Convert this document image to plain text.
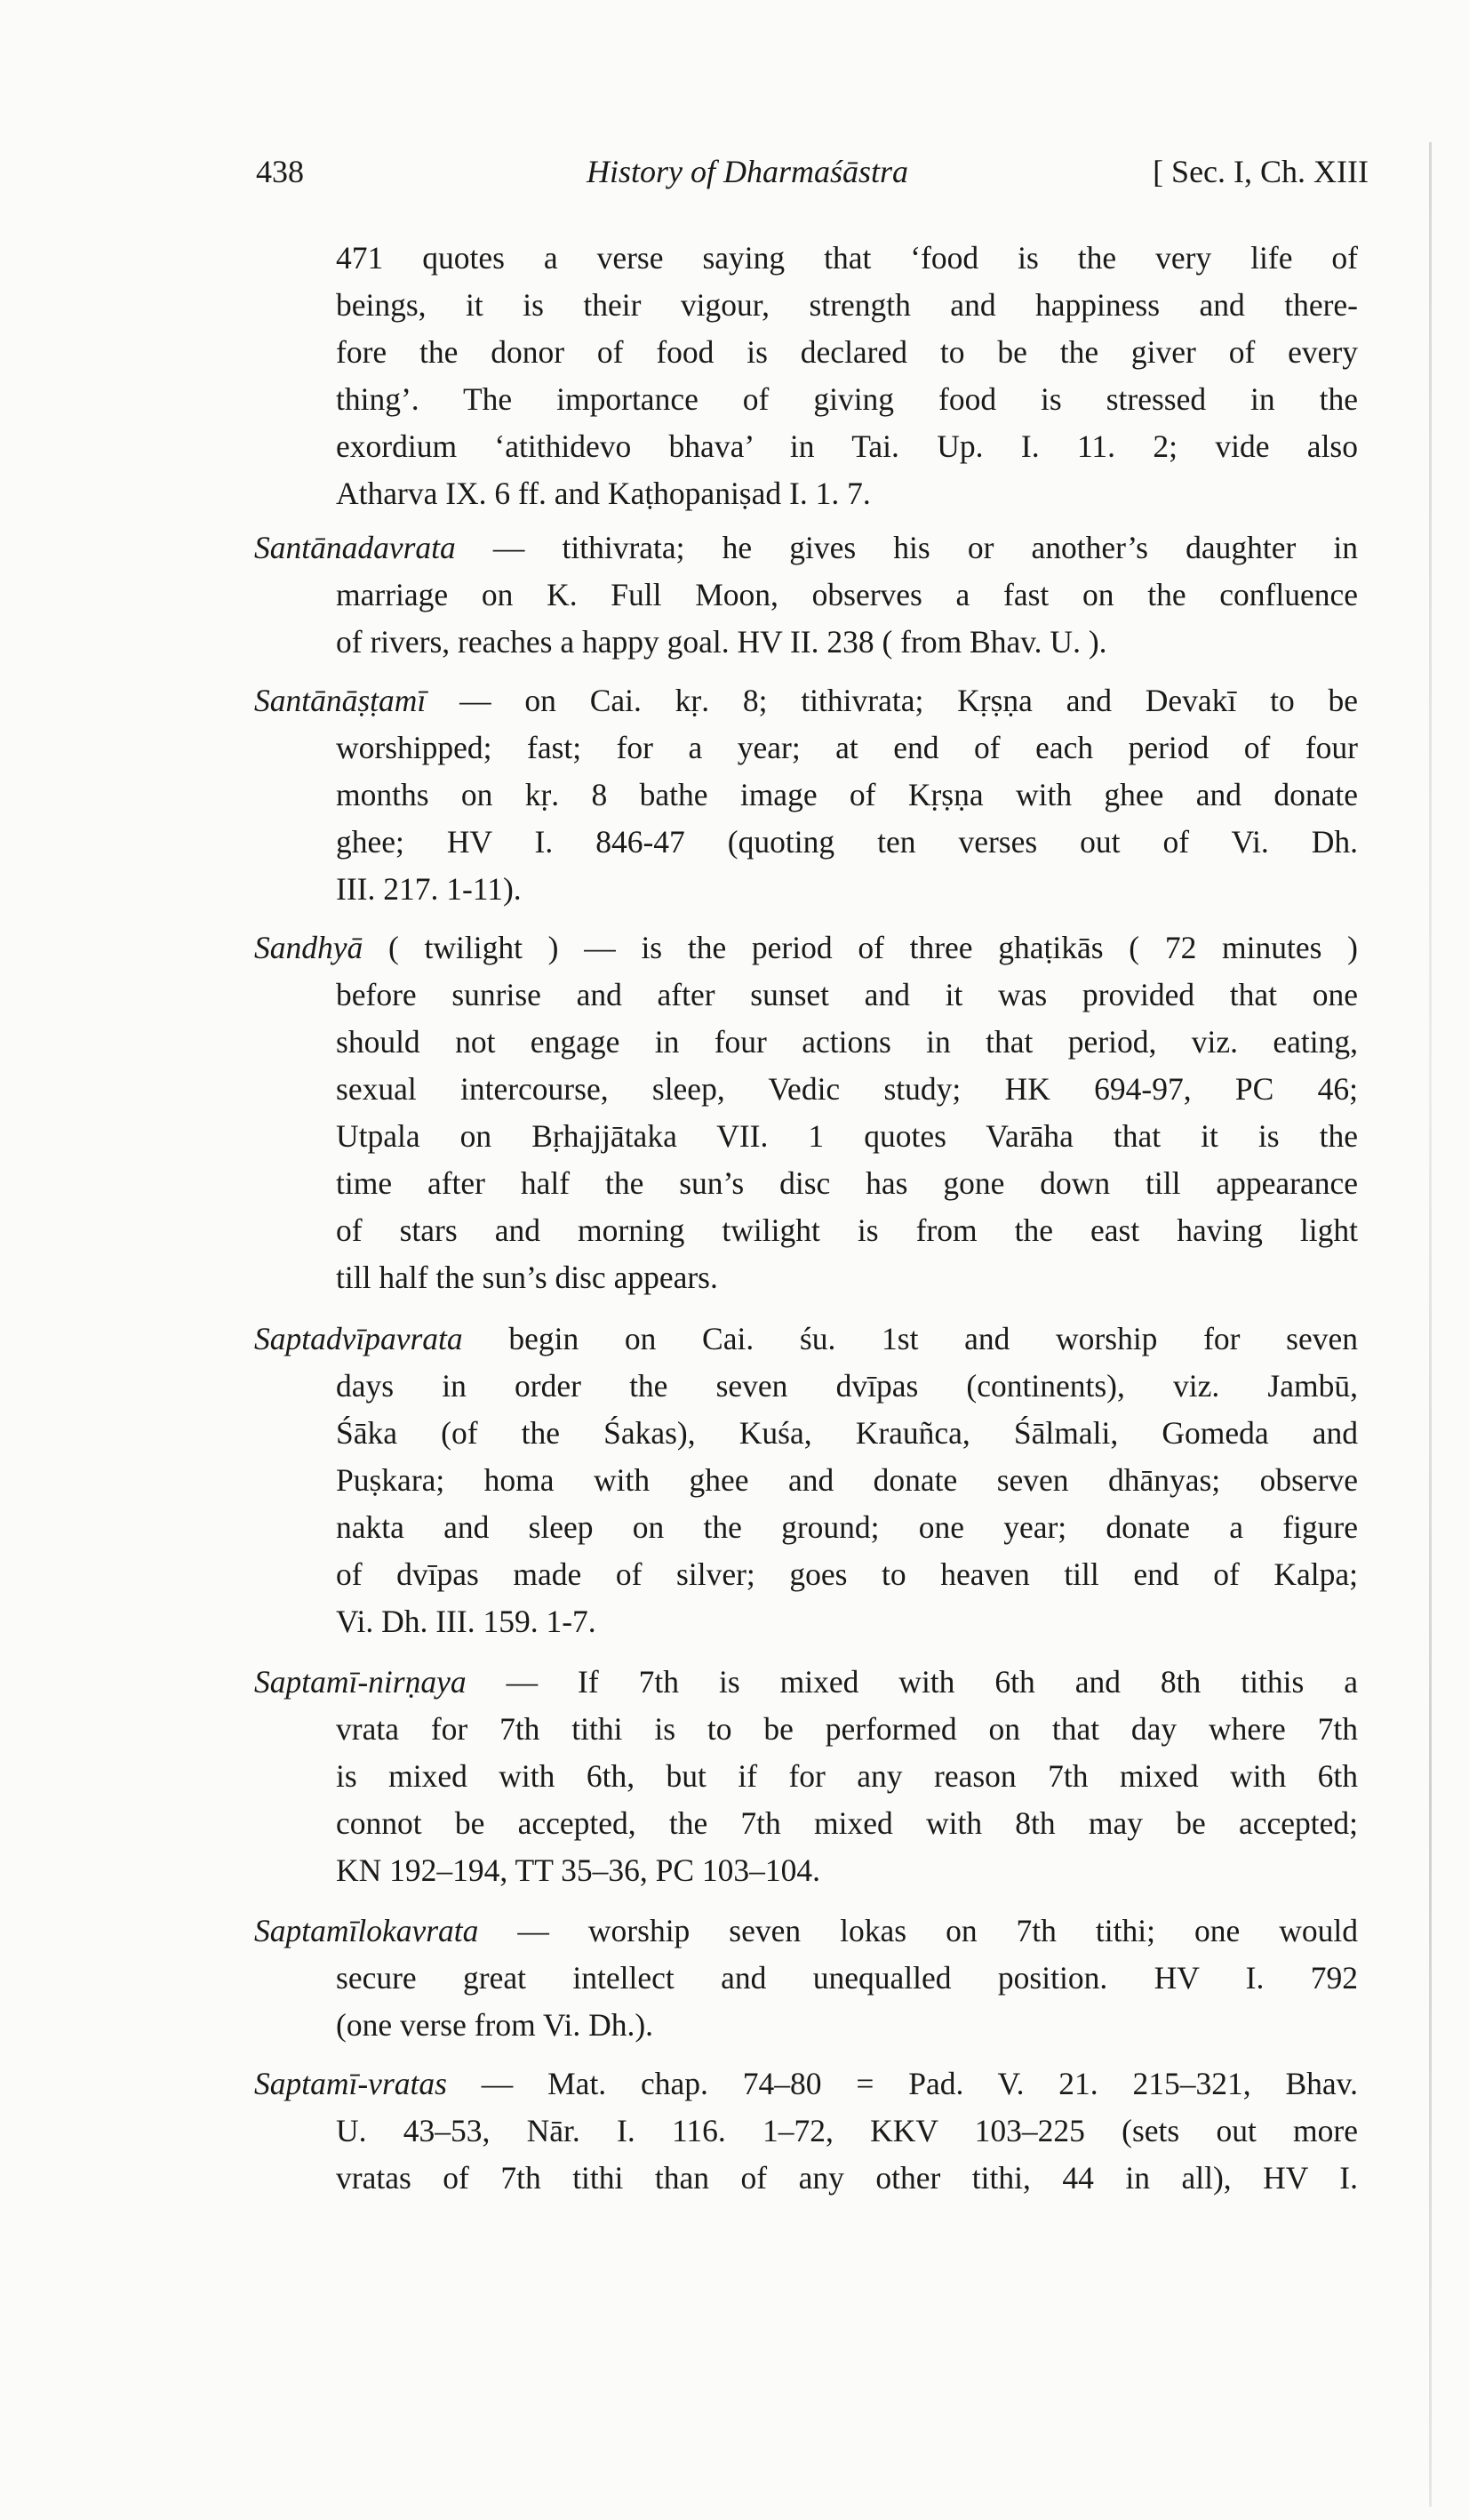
438	History of Dharmaśāstra	[ Sec. I, Ch. XIII
471 quotes a verse saying that ‘food is the very life of
beings, it is their vigour, strength and happiness and there-
fore the donor of food is declared to be the giver of every
thing’. The importance of giving food is stressed in the
exordium ‘atithidevo bhava’ in Tai. Up. I. 11. 2; vide also
Atharva IX. 6 ff. and Kaṭhopaniṣad I. 1. 7.
Santānadavrata — tithivrata; he gives his or another’s daughter in
marriage on K. Full Moon, observes a fast on the confluence
of rivers, reaches a happy goal. HV II. 238 ( from Bhav. U. ).
Santānāṣṭamī — on Cai. kṛ. 8; tithivrata; Kṛṣṇa and Devakī to be
worshipped; fast; for a year; at end of each period of four
months on kṛ. 8 bathe image of Kṛṣṇa with ghee and donate
ghee; HV I. 846-47 (quoting ten verses out of Vi. Dh.
III. 217. 1-11).
Sandhyā ( twilight ) — is the period of three ghaṭikās ( 72 minutes )
before sunrise and after sunset and it was provided that one
should not engage in four actions in that period, viz. eating,
sexual intercourse, sleep, Vedic study; HK 694-97, PC 46;
Utpala on Bṛhajjātaka VII. 1 quotes Varāha that it is the
time after half the sun’s disc has gone down till appearance
of stars and morning twilight is from the east having light
till half the sun’s disc appears.
Saptadvīpavrata begin on Cai. śu. 1st and worship for seven
days in order the seven dvīpas (continents), viz. Jambū,
Śāka (of the Śakas), Kuśa, Krauñca, Śālmali, Gomeda and
Puṣkara; homa with ghee and donate seven dhānyas; observe
nakta and sleep on the ground; one year; donate a figure
of dvīpas made of silver; goes to heaven till end of Kalpa;
Vi. Dh. III. 159. 1-7.
Saptamī-nirṇaya — If 7th is mixed with 6th and 8th tithis a
vrata for 7th tithi is to be performed on that day where 7th
is mixed with 6th, but if for any reason 7th mixed with 6th
connot be accepted, the 7th mixed with 8th may be accepted;
KN 192–194, TT 35–36, PC 103–104.
Saptamīlokavrata — worship seven lokas on 7th tithi; one would
secure great intellect and unequalled position. HV I. 792
(one verse from Vi. Dh.).
Saptamī-vratas — Mat. chap. 74–80 = Pad. V. 21. 215–321, Bhav.
U. 43–53, Nār. I. 116. 1–72, KKV 103–225 (sets out more
vratas of 7th tithi than of any other tithi, 44 in all), HV I.
